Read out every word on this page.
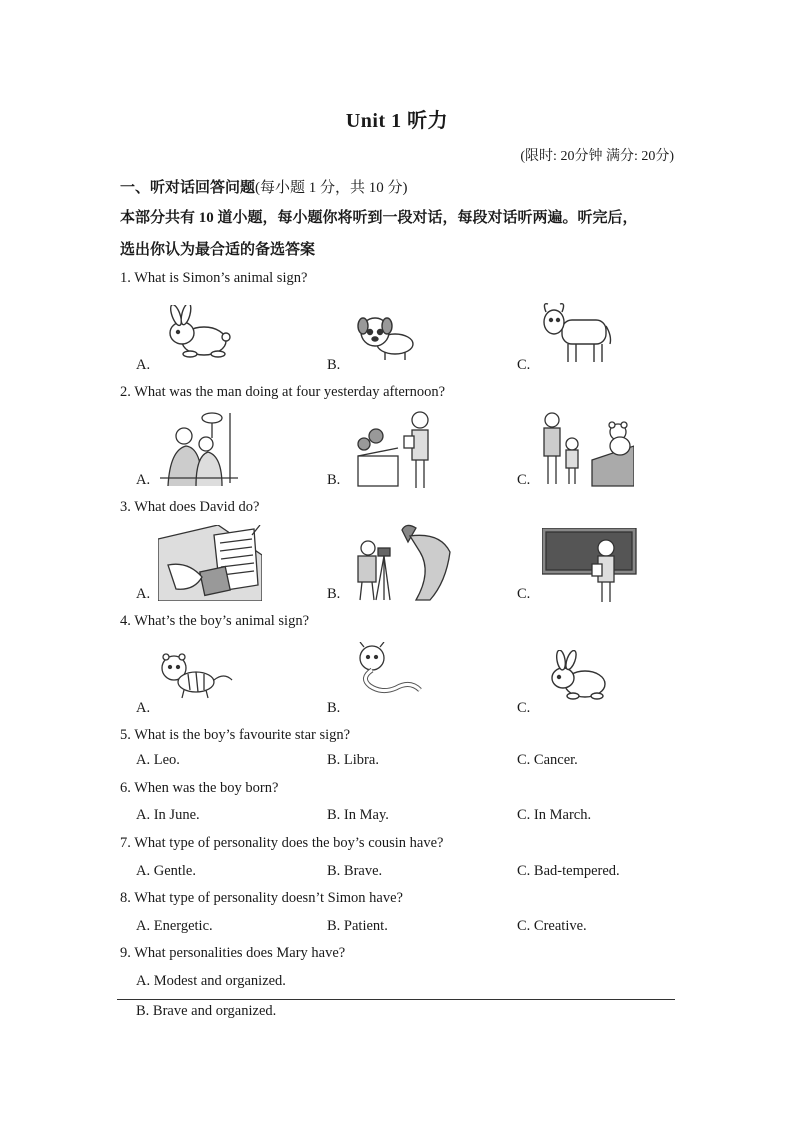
Unit 1 听力
(限时: 20分钟 满分: 20分)
一、听对话回答问题(每小题 1 分，共 10 分)
本部分共有 10 道小题，每小题你将听到一段对话，每段对话听两遍。听完后，
选出你认为最合适的备选答案
1. What is Simon’s animal sign?
A.	B.	C.
2. What was the man doing at four yesterday afternoon?
A.	B.	C.
3. What does David do?
A.	B.	C.
4. What’s the boy’s animal sign?
A.	B.	C.
5. What is the boy’s favourite star sign?
A. Leo.	B. Libra.	C. Cancer.
6. When was the boy born?
A. In June.	B. In May.	C. In March.
7. What type of personality does the boy’s cousin have?
A. Gentle.	B. Brave.	C. Bad-tempered.
8. What type of personality doesn’t Simon have?
A. Energetic.	B. Patient.	C. Creative.
9. What personalities does Mary have?
A. Modest and organized.
B. Brave and organized.
